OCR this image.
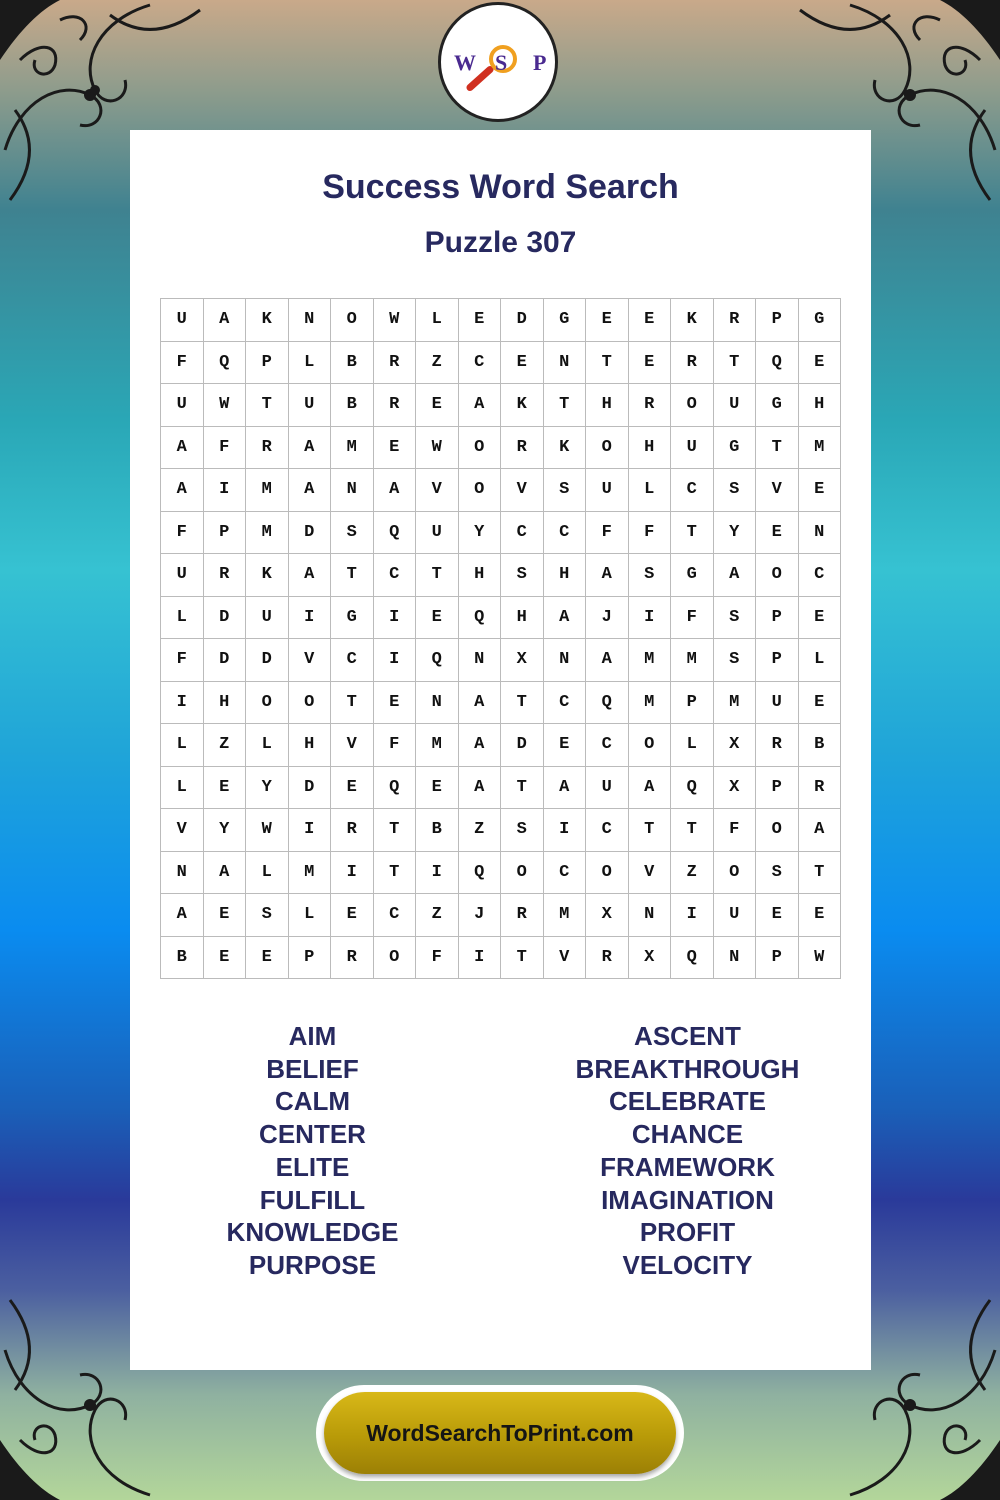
W S P
Success Word Search
Puzzle 307
U	A	K	N	O	W	L	E	D	G	E	E	K	R	P	G
F	Q	P	L	B	R	Z	C	E	N	T	E	R	T	Q	E
U	W	T	U	B	R	E	A	K	T	H	R	O	U	G	H
A	F	R	A	M	E	W	O	R	K	O	H	U	G	T	M
A	I	M	A	N	A	V	O	V	S	U	L	C	S	V	E
F	P	M	D	S	Q	U	Y	C	C	F	F	T	Y	E	N
U	R	K	A	T	C	T	H	S	H	A	S	G	A	O	C
L	D	U	I	G	I	E	Q	H	A	J	I	F	S	P	E
F	D	D	V	C	I	Q	N	X	N	A	M	M	S	P	L
I	H	O	O	T	E	N	A	T	C	Q	M	P	M	U	E
L	Z	L	H	V	F	M	A	D	E	C	O	L	X	R	B
L	E	Y	D	E	Q	E	A	T	A	U	A	Q	X	P	R
V	Y	W	I	R	T	B	Z	S	I	C	T	T	F	O	A
N	A	L	M	I	T	I	Q	O	C	O	V	Z	O	S	T
A	E	S	L	E	C	Z	J	R	M	X	N	I	U	E	E
B	E	E	P	R	O	F	I	T	V	R	X	Q	N	P	W
AIM
BELIEF
CALM
CENTER
ELITE
FULFILL
KNOWLEDGE
PURPOSE
ASCENT
BREAKTHROUGH
CELEBRATE
CHANCE
FRAMEWORK
IMAGINATION
PROFIT
VELOCITY
WordSearchToPrint.com
